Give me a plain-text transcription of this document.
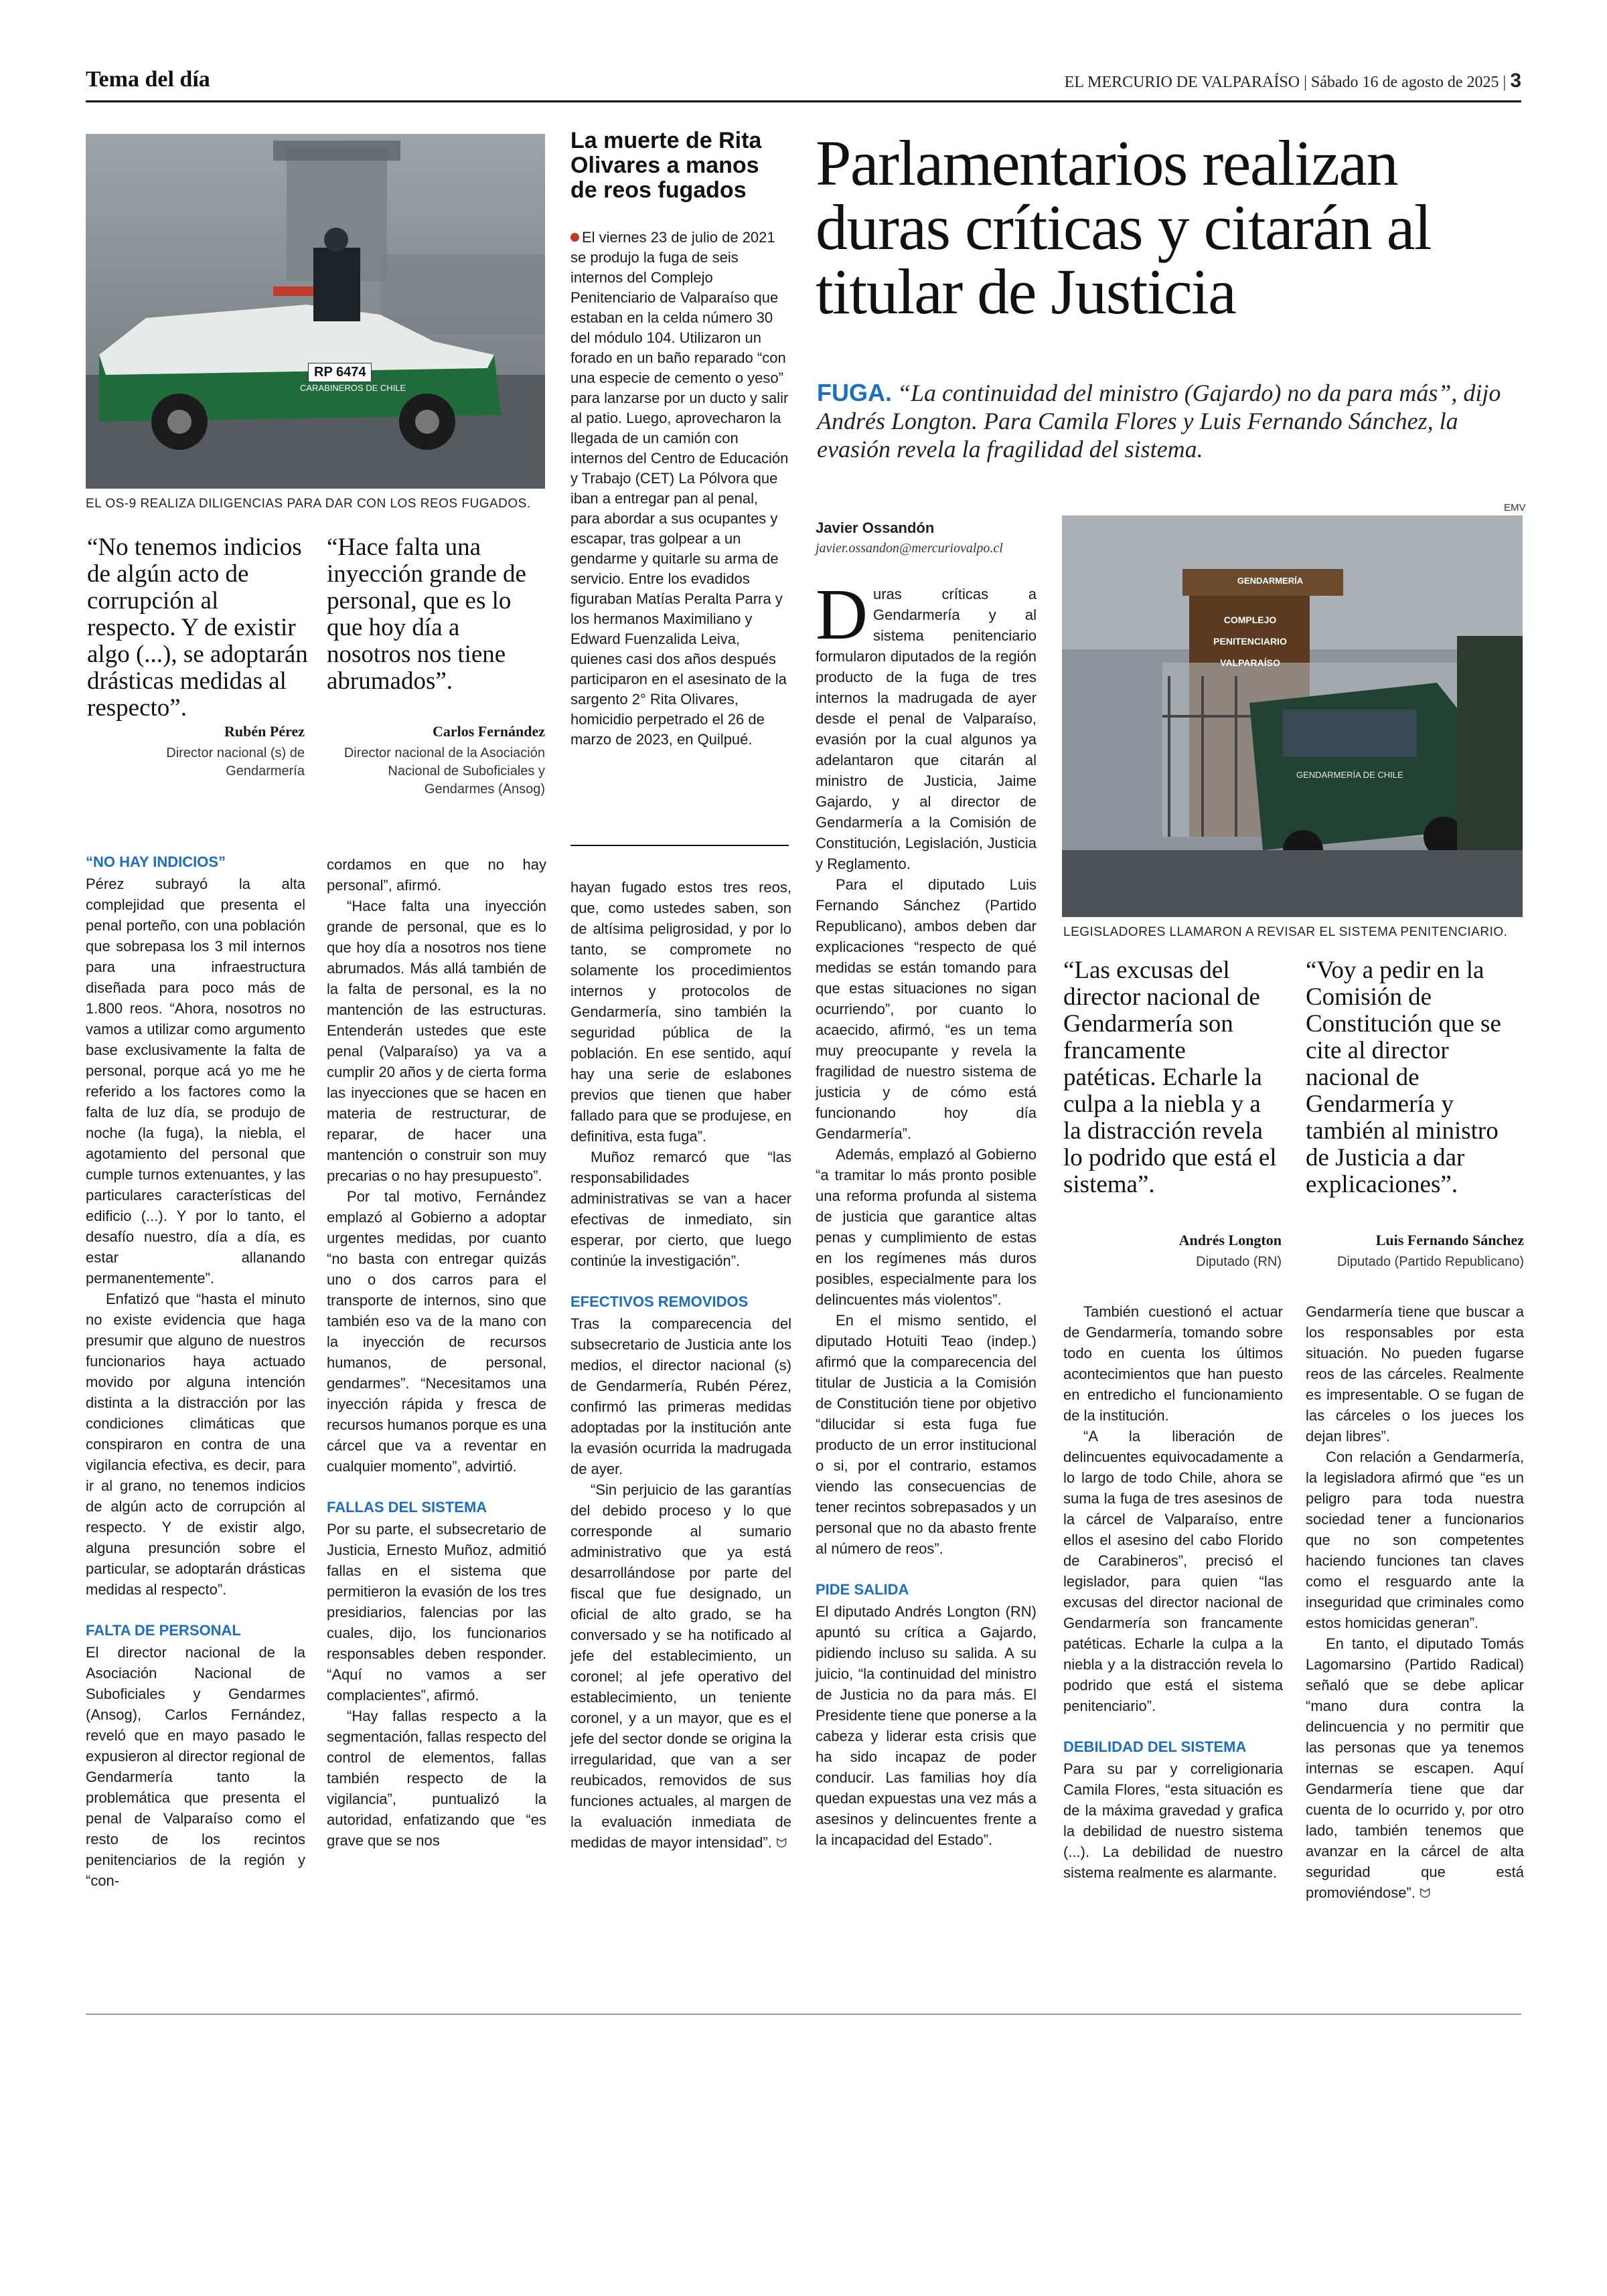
Tema del día	EL MERCURIO DE VALPARAÍSO | Sábado 16 de agosto de 2025 | 3
RP 6474
CARABINEROS DE CHILE
EL OS-9 REALIZA DILIGENCIAS PARA DAR CON LOS REOS FUGADOS.
“No tenemos indicios de algún acto de corrupción al respecto. Y de existir algo (...), se adoptarán drásticas medidas al respecto”.
Rubén Pérez
Director nacional (s) de Gendarmería
“Hace falta una inyección grande de personal, que es lo que hoy día a nosotros nos tiene abrumados”.
Carlos Fernández
Director nacional de la Asociación Nacional de Suboficiales y Gendarmes (Ansog)
La muerte de Rita Olivares a manos de reos fugados
El viernes 23 de julio de 2021 se produjo la fuga de seis internos del Complejo Penitenciario de Valparaíso que estaban en la celda número 30 del módulo 104. Utilizaron un forado en un baño reparado “con una especie de cemento o yeso” para lanzarse por un ducto y salir al patio. Luego, aprovecharon la llegada de un camión con internos del Centro de Educación y Trabajo (CET) La Pólvora que iban a entregar pan al penal, para abordar a sus ocupantes y escapar, tras golpear a un gendarme y quitarle su arma de servicio. Entre los evadidos figuraban Matías Peralta Parra y los hermanos Maximiliano y Edward Fuenzalida Leiva, quienes casi dos años después participaron en el asesinato de la sargento 2° Rita Olivares, homicidio perpetrado el 26 de marzo de 2023, en Quilpué.
“NO HAY INDICIOS”

Pérez subrayó la alta complejidad que presenta el penal porteño, con una población que sobrepasa los 3 mil internos para una infraestructura diseñada para poco más de 1.800 reos. “Ahora, nosotros no vamos a utilizar como argumento base exclusivamente la falta de personal, porque acá yo me he referido a los factores como la falta de luz día, se produjo de noche (la fuga), la niebla, el agotamiento del personal que cumple turnos extenuantes, y las particulares características del edificio (...). Y por lo tanto, el desafío nuestro, día a día, es estar allanando permanentemente”.

Enfatizó que “hasta el minuto no existe evidencia que haga presumir que alguno de nuestros funcionarios haya actuado movido por alguna intención distinta a la distracción por las condiciones climáticas que conspiraron en contra de una vigilancia efectiva, es decir, para ir al grano, no tenemos indicios de algún acto de corrupción al respecto. Y de existir algo, alguna presunción sobre el particular, se adoptarán drásticas medidas al respecto”.

FALTA DE PERSONAL

El director nacional de la Asociación Nacional de Suboficiales y Gendarmes (Ansog), Carlos Fernández, reveló que en mayo pasado le expusieron al director regional de Gendarmería tanto la problemática que presenta el penal de Valparaíso como el resto de los recintos penitenciarios de la región y “con-

cordamos en que no hay personal”, afirmó.

“Hace falta una inyección grande de personal, que es lo que hoy día a nosotros nos tiene abrumados. Más allá también de la falta de personal, es la no mantención de las estructuras. Entenderán ustedes que este penal (Valparaíso) ya va a cumplir 20 años y de cierta forma las inyecciones que se hacen en materia de restructurar, de reparar, de hacer una mantención o construir son muy precarias o no hay presupuesto”.

Por tal motivo, Fernández emplazó al Gobierno a adoptar urgentes medidas, por cuanto “no basta con entregar quizás uno o dos carros para el transporte de internos, sino que también eso va de la mano con la inyección de recursos humanos, de personal, gendarmes”. “Necesitamos una inyección rápida y fresca de recursos humanos porque es una cárcel que va a reventar en cualquier momento”, advirtió.

FALLAS DEL SISTEMA

Por su parte, el subsecretario de Justicia, Ernesto Muñoz, admitió fallas en el sistema que permitieron la evasión de los tres presidiarios, falencias por las cuales, dijo, los funcionarios responsables deben responder. “Aquí no vamos a ser complacientes”, afirmó.

“Hay fallas respecto a la segmentación, fallas respecto del control de elementos, fallas también respecto de la vigilancia”, puntualizó la autoridad, enfatizando que “es grave que se nos

hayan fugado estos tres reos, que, como ustedes saben, son de altísima peligrosidad, y por lo tanto, se compromete no solamente los procedimientos internos y protocolos de Gendarmería, sino también la seguridad pública de la población. En ese sentido, aquí hay una serie de eslabones previos que tienen que haber fallado para que se produjese, en definitiva, esta fuga”.

Muñoz remarcó que “las responsabilidades administrativas se van a hacer efectivas de inmediato, sin esperar, por cierto, que luego continúe la investigación”.

EFECTIVOS REMOVIDOS

Tras la comparecencia del subsecretario de Justicia ante los medios, el director nacional (s) de Gendarmería, Rubén Pérez, confirmó las primeras medidas adoptadas por la institución ante la evasión ocurrida la madrugada de ayer.

“Sin perjuicio de las garantías del debido proceso y lo que corresponde al sumario administrativo que ya está desarrollándose por parte del fiscal que fue designado, un oficial de alto grado, se ha conversado y se ha notificado al jefe del establecimiento, un coronel; al jefe operativo del establecimiento, un teniente coronel, y a un mayor, que es el jefe del sector donde se origina la irregularidad, que van a ser reubicados, removidos de sus funciones actuales, al margen de la evaluación inmediata de medidas de mayor intensidad”. ᗢ

Parlamentarios realizan duras críticas y citarán al titular de Justicia
FUGA. “La continuidad del ministro (Gajardo) no da para más”, dijo Andrés Longton. Para Camila Flores y Luis Fernando Sánchez, la evasión revela la fragilidad del sistema.
Javier Ossandón
javier.ossandon@mercuriovalpo.cl

Duras críticas a Gendarmería y al sistema penitenciario formularon diputados de la región producto de la fuga de tres internos la madrugada de ayer desde el penal de Valparaíso, evasión por la cual algunos ya adelantaron que citarán al ministro de Justicia, Jaime Gajardo, y al director de Gendarmería a la Comisión de Constitución, Legislación, Justicia y Reglamento.

Para el diputado Luis Fernando Sánchez (Partido Republicano), ambos deben dar explicaciones “respecto de qué medidas se están tomando para que estas situaciones no sigan ocurriendo”, por cuanto lo acaecido, afirmó, “es un tema muy preocupante y revela la fragilidad de nuestro sistema de justicia y de cómo está funcionando hoy día Gendarmería”.

Además, emplazó al Gobierno “a tramitar lo más pronto posible una reforma profunda al sistema de justicia que garantice altas penas y cumplimiento de estas en los regímenes más duros posibles, especialmente para los delincuentes más violentos”.

En el mismo sentido, el diputado Hotuiti Teao (indep.) afirmó que la comparecencia del titular de Justicia a la Comisión de Constitución tiene por objetivo “dilucidar si esta fuga fue producto de un error institucional o si, por el contrario, estamos viendo las consecuencias de tener recintos sobrepasados y un personal que no da abasto frente al número de reos”.

PIDE SALIDA

El diputado Andrés Longton (RN) apuntó su crítica a Gajardo, pidiendo incluso su salida. A su juicio, “la continuidad del ministro de Justicia no da para más. El Presidente tiene que ponerse a la cabeza y liderar esta crisis que ha sido incapaz de poder conducir. Las familias hoy día quedan expuestas una vez más a asesinos y delincuentes frente a la incapacidad del Estado”.

EMV
GENDARMERÍA
COMPLEJO
PENITENCIARIO
VALPARAÍSO
GENDARMERÍA DE CHILE
LEGISLADORES LLAMARON A REVISAR EL SISTEMA PENITENCIARIO.
“Las excusas del director nacional de Gendarmería son francamente patéticas. Echarle la culpa a la niebla y a la distracción revela lo podrido que está el sistema”.
Andrés Longton
Diputado (RN)
“Voy a pedir en la Comisión de Constitución que se cite al director nacional de Gendarmería y también al ministro de Justicia a dar explicaciones”.
Luis Fernando Sánchez
Diputado (Partido Republicano)

También cuestionó el actuar de Gendarmería, tomando sobre todo en cuenta los últimos acontecimientos que han puesto en entredicho el funcionamiento de la institución.

“A la liberación de delincuentes equivocadamente a lo largo de todo Chile, ahora se suma la fuga de tres asesinos de la cárcel de Valparaíso, entre ellos el asesino del cabo Florido de Carabineros”, precisó el legislador, para quien “las excusas del director nacional de Gendarmería son francamente patéticas. Echarle la culpa a la niebla y a la distracción revela lo podrido que está el sistema penitenciario”.

DEBILIDAD DEL SISTEMA

Para su par y correligionaria Camila Flores, “esta situación es de la máxima gravedad y grafica la debilidad de nuestro sistema (...). La debilidad de nuestro sistema realmente es alarmante.

Gendarmería tiene que buscar a los responsables por esta situación. No pueden fugarse reos de las cárceles. Realmente es impresentable. O se fugan de las cárceles o los jueces los dejan libres”.

Con relación a Gendarmería, la legisladora afirmó que “es un peligro para toda nuestra sociedad tener a funcionarios que no son competentes haciendo funciones tan claves como el resguardo ante la inseguridad que criminales como estos homicidas generan”.

En tanto, el diputado Tomás Lagomarsino (Partido Radical) señaló que se debe aplicar “mano dura contra la delincuencia y no permitir que las personas que ya tenemos internas se escapen. Aquí Gendarmería tiene que dar cuenta de lo ocurrido y, por otro lado, también tenemos que avanzar en la cárcel de alta seguridad que está promoviéndose”. ᗢ
